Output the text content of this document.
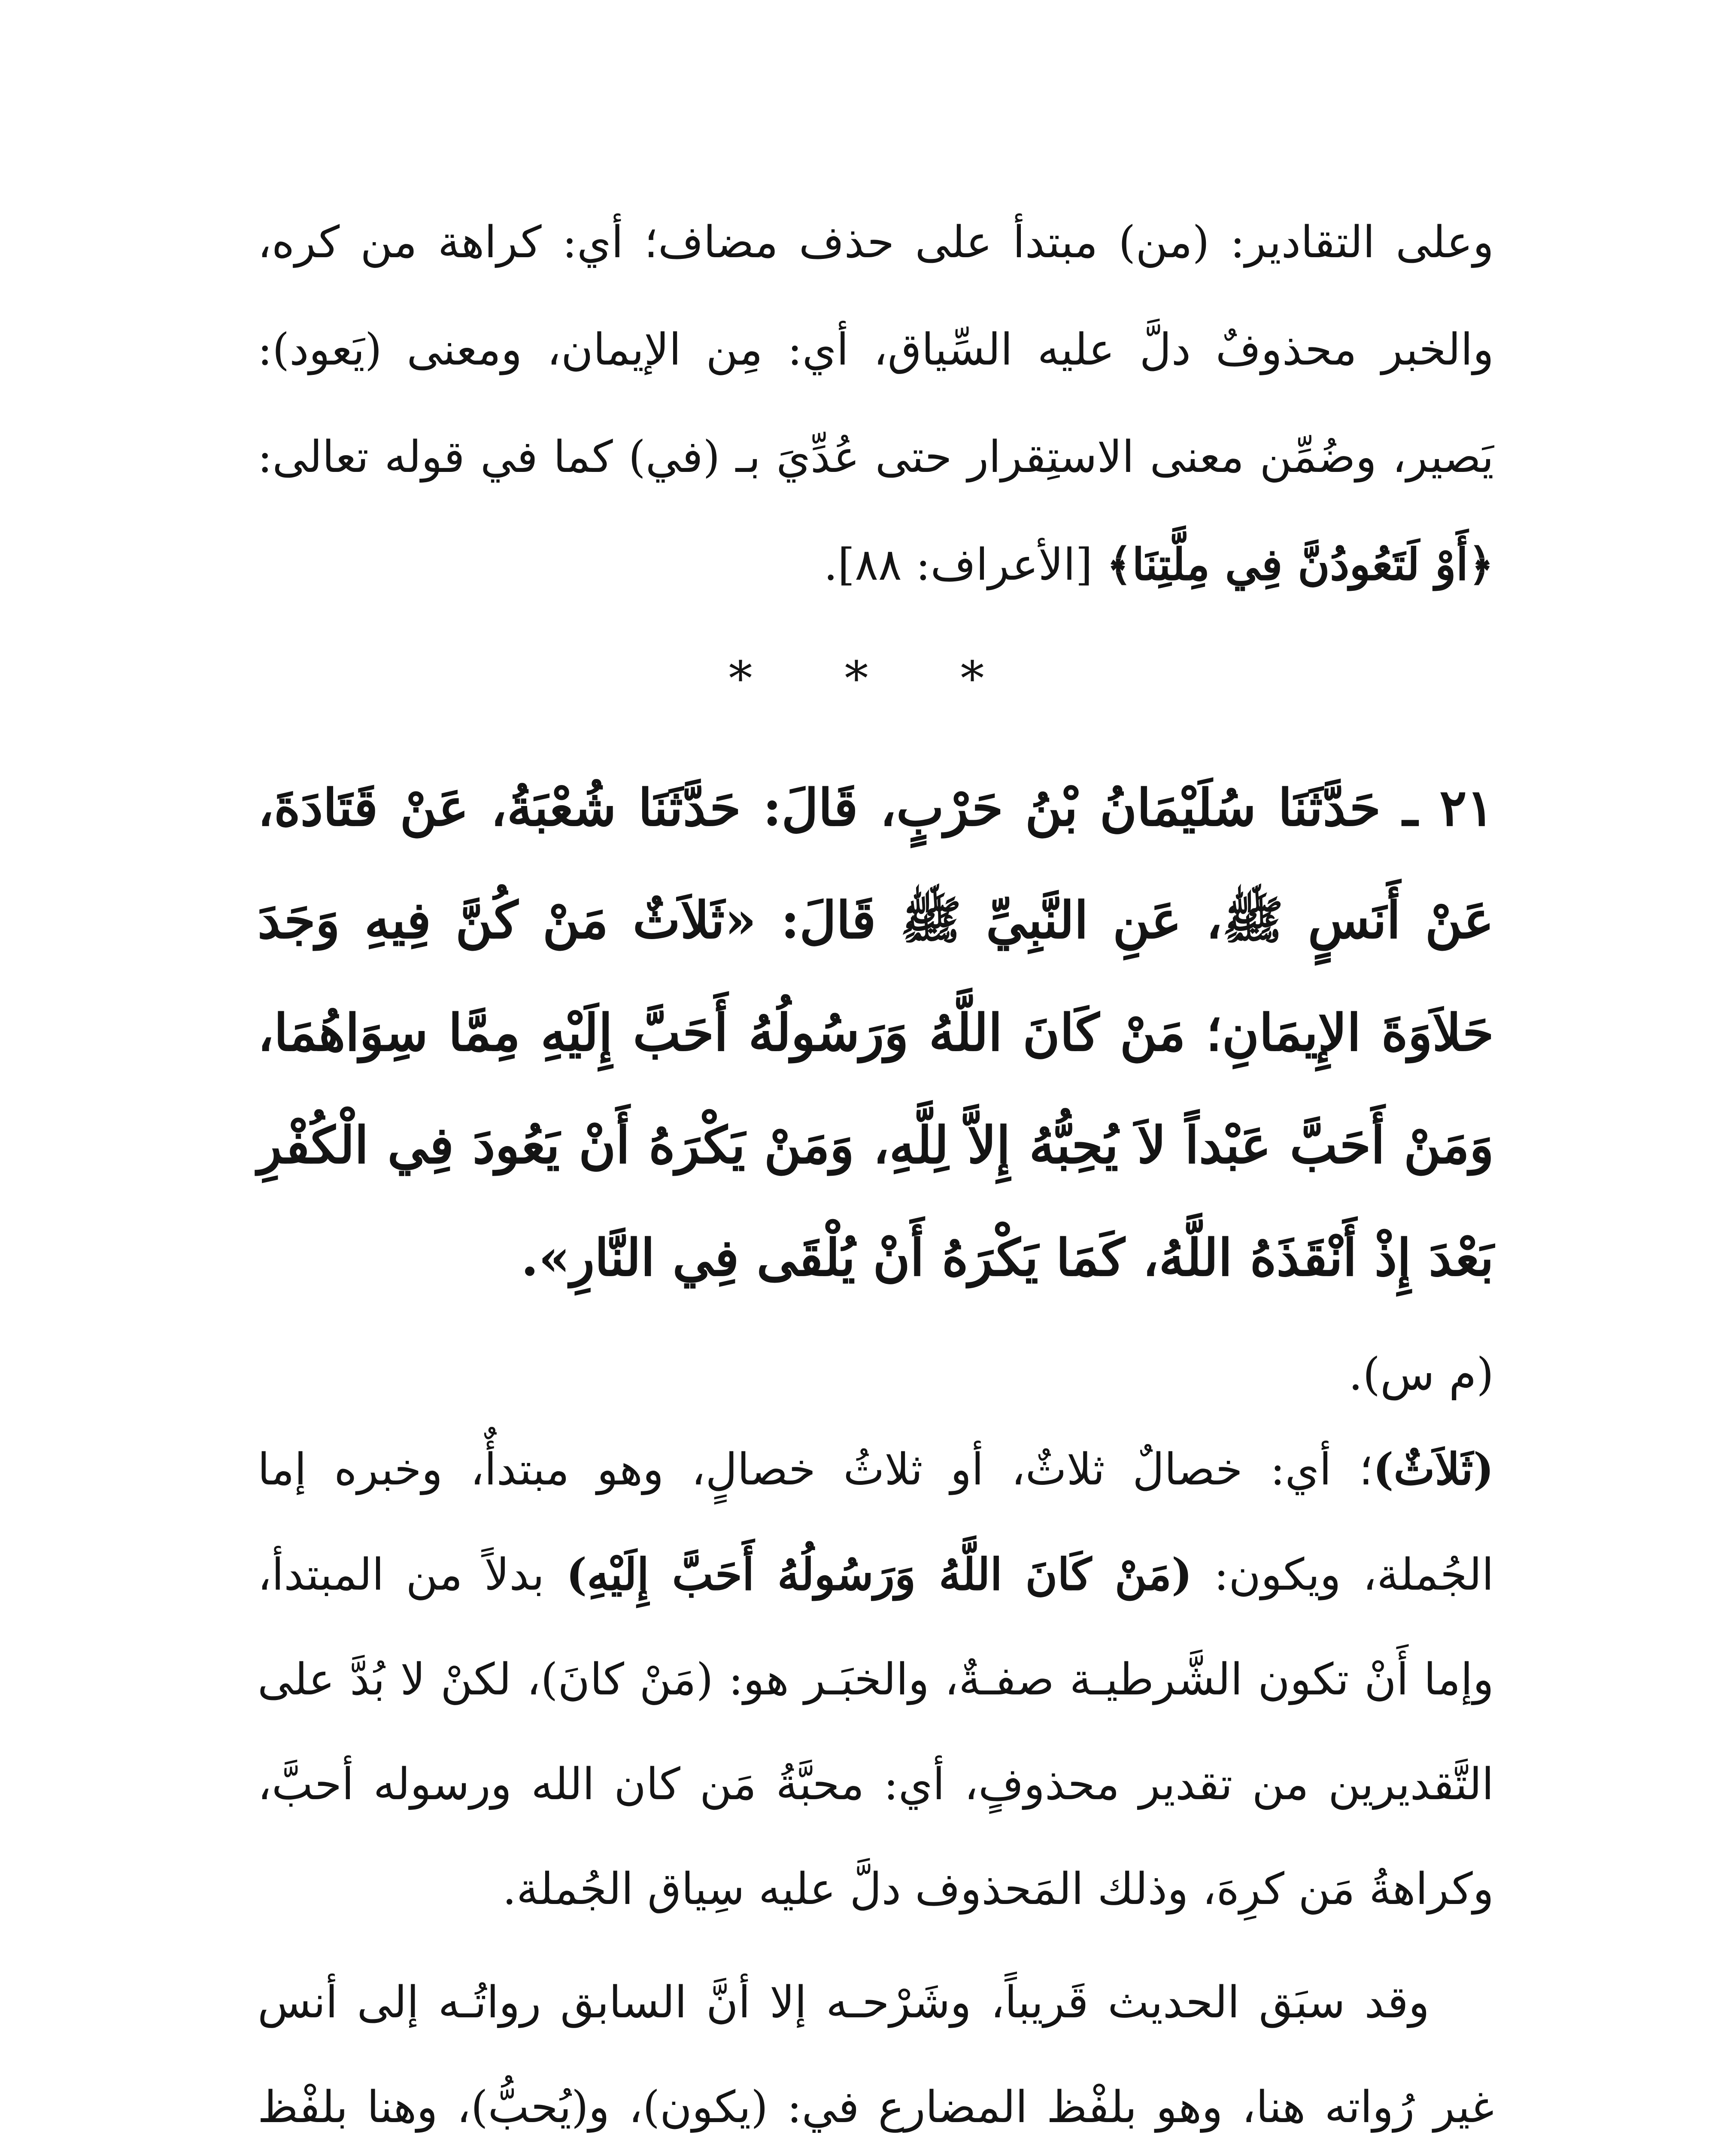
وعلى التقادير: (من) مبتدأ على حذف مضاف؛ أي: كراهة من كره، والخبر محذوفٌ دلَّ عليه السِّياق، أي: مِن الإيمان، ومعنى (يَعود): يَصير، وضُمِّن معنى الاستِقرار حتى عُدِّيَ بـ (في) كما في قوله تعالى: ﴿أَوْ لَتَعُودُنَّ فِي مِلَّتِنَا﴾ [الأعراف: ٨٨].

* * *

٢١ ـ حَدَّثَنَا سُلَيْمَانُ بْنُ حَرْبٍ، قَالَ: حَدَّثَنَا شُعْبَةُ، عَنْ قَتَادَةَ، عَنْ أَنَسٍ ﷺ، عَنِ النَّبِيِّ ﷺ قَالَ: «ثَلاَثٌ مَنْ كُنَّ فِيهِ وَجَدَ حَلاَوَةَ الإِيمَانِ؛ مَنْ كَانَ اللَّهُ وَرَسُولُهُ أَحَبَّ إِلَيْهِ مِمَّا سِوَاهُمَا، وَمَنْ أَحَبَّ عَبْداً لاَ يُحِبُّهُ إِلاَّ لِلَّهِ، وَمَنْ يَكْرَهُ أَنْ يَعُودَ فِي الْكُفْرِ بَعْدَ إِذْ أَنْقَذَهُ اللَّهُ، كَمَا يَكْرَهُ أَنْ يُلْقَى فِي النَّارِ».

(م س).

(ثَلاَثٌ)؛ أي: خصالٌ ثلاثٌ، أو ثلاثُ خصالٍ، وهو مبتدأٌ، وخبره إما الجُملة، ويكون: (مَنْ كَانَ اللَّهُ وَرَسُولُهُ أَحَبَّ إِلَيْهِ) بدلاً من المبتدأ، وإما أَنْ تكون الشَّرطيـة صفـةٌ، والخبَـر هو: (مَنْ كانَ)، لكنْ لا بُدَّ على التَّقديرين من تقدير محذوفٍ، أي: محبَّةُ مَن كان الله ورسوله أحبَّ، وكراهةُ مَن كرِهَ، وذلك المَحذوف دلَّ عليه سِياق الجُملة.

وقد سبَق الحديث قَريباً، وشَرْحـه إلا أنَّ السابق رواتُـه إلى أنس غير رُواته هنا، وهو بلفْظ المضارع في: (يكون)، و(يُحبُّ)، وهنا بلفْظ
